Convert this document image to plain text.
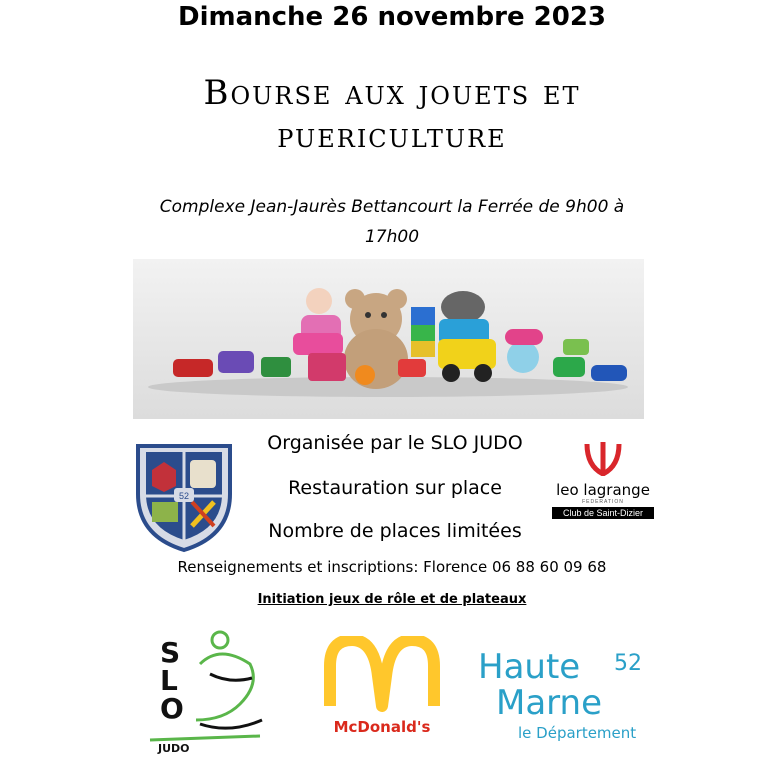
Dimanche 26 novembre 2023
Bourse aux jouets et
puericulture
Complexe Jean-Jaurès Bettancourt la Ferrée de 9h00 à
17h00
52
Organisée par le SLO JUDO
Restauration sur place
Nombre de places limitées
leo lagrange
FEDERATION
Club de Saint-Dizier
Renseignements et inscriptions: Florence 06 88 60 09 68
Initiation jeux de rôle et de plateaux
S
L
O
JUDO
McDonald's
Haute
Marne
le Département
52
